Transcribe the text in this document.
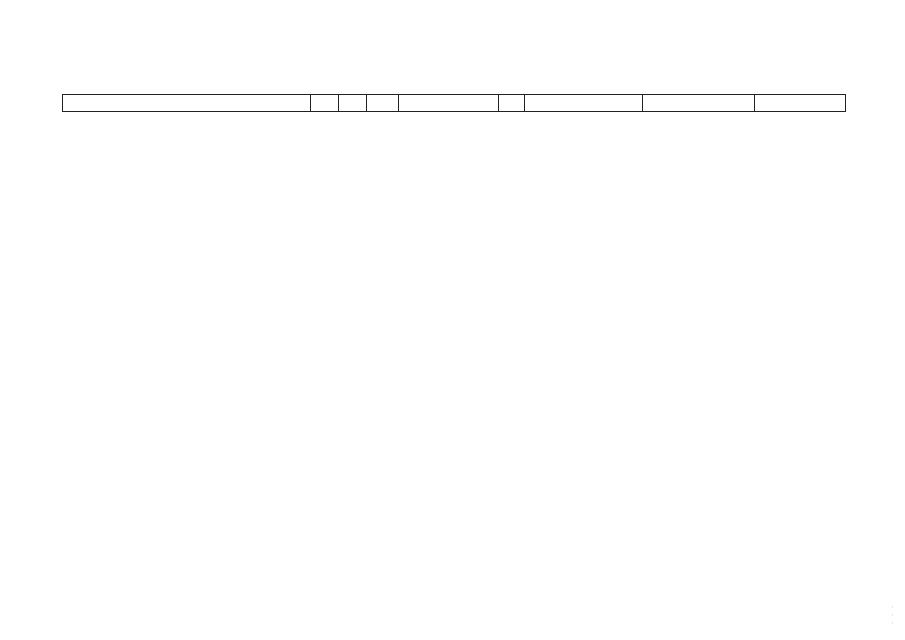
·
·
·
